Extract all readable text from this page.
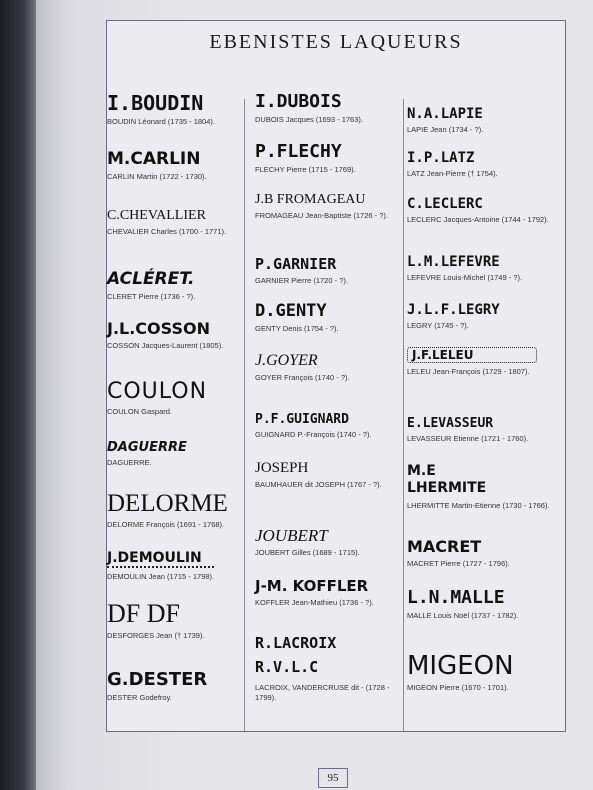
EBENISTES LAQUEURS
I.BOUDIN
BOUDIN Léonard (1735 - 1804).
M.CARLIN
CARLIN Martin (1722 - 1730).
C.CHEVALLIER
CHEVALIER Charles (1700 - 1771).
ACLÉRET.
CLERET Pierre (1736 - ?).
J.L.COSSON
COSSON Jacques-Laurent (1805).
COULON
COULON Gaspard.
DAGUERRE
DAGUERRE.
DELORME
DELORME François (1691 - 1768).
J.DEMOULIN
DEMOULIN Jean (1715 - 1798).
DF DF
DESFORGES Jean († 1739).
G.DESTER
DESTER Godefroy.
I.DUBOIS
DUBOIS Jacques (1693 - 1763).
P.FLECHY
FLECHY Pierre (1715 - 1769).
J.B FROMAGEAU
FROMAGEAU Jean-Baptiste (1726 - ?).
P.GARNIER
GARNIER Pierre (1720 - ?).
D.GENTY
GENTY Denis (1754 - ?).
J.GOYER
GOYER François (1740 - ?).
P.F.GUIGNARD
GUIGNARD P.-François (1740 - ?).
JOSEPH
BAUMHAUER dit JOSEPH (1767 - ?).
JOUBERT
JOUBERT Gilles (1689 - 1715).
J-M. KOFFLER
KOFFLER Jean-Mathieu (1736 - ?).
R.LACROIX R.V.L.C
LACROIX, VANDERCRUSE dit - (1728 - 1799).
N.A.LAPIE
LAPIE Jean (1734 - ?).
I.P.LATZ
LATZ Jean-Pierre († 1754).
C.LECLERC
LECLERC Jacques-Antoine (1744 - 1792).
L.M.LEFEVRE
LEFEVRE Louis-Michel (1749 - ?).
J.L.F.LEGRY
LEGRY (1745 - ?).
J.F.LELEU
LELEU Jean-François (1729 - 1807).
E.LEVASSEUR
LEVASSEUR Etienne (1721 - 1760).
M.E LHERMITE
LHERMITTE Martin-Etienne (1730 - 1766).
MACRET
MACRET Pierre (1727 - 1796).
L.N.MALLE
MALLE Louis Noël (1737 - 1782).
MIGEON
MIGEON Pierre (1670 - 1701).
95
